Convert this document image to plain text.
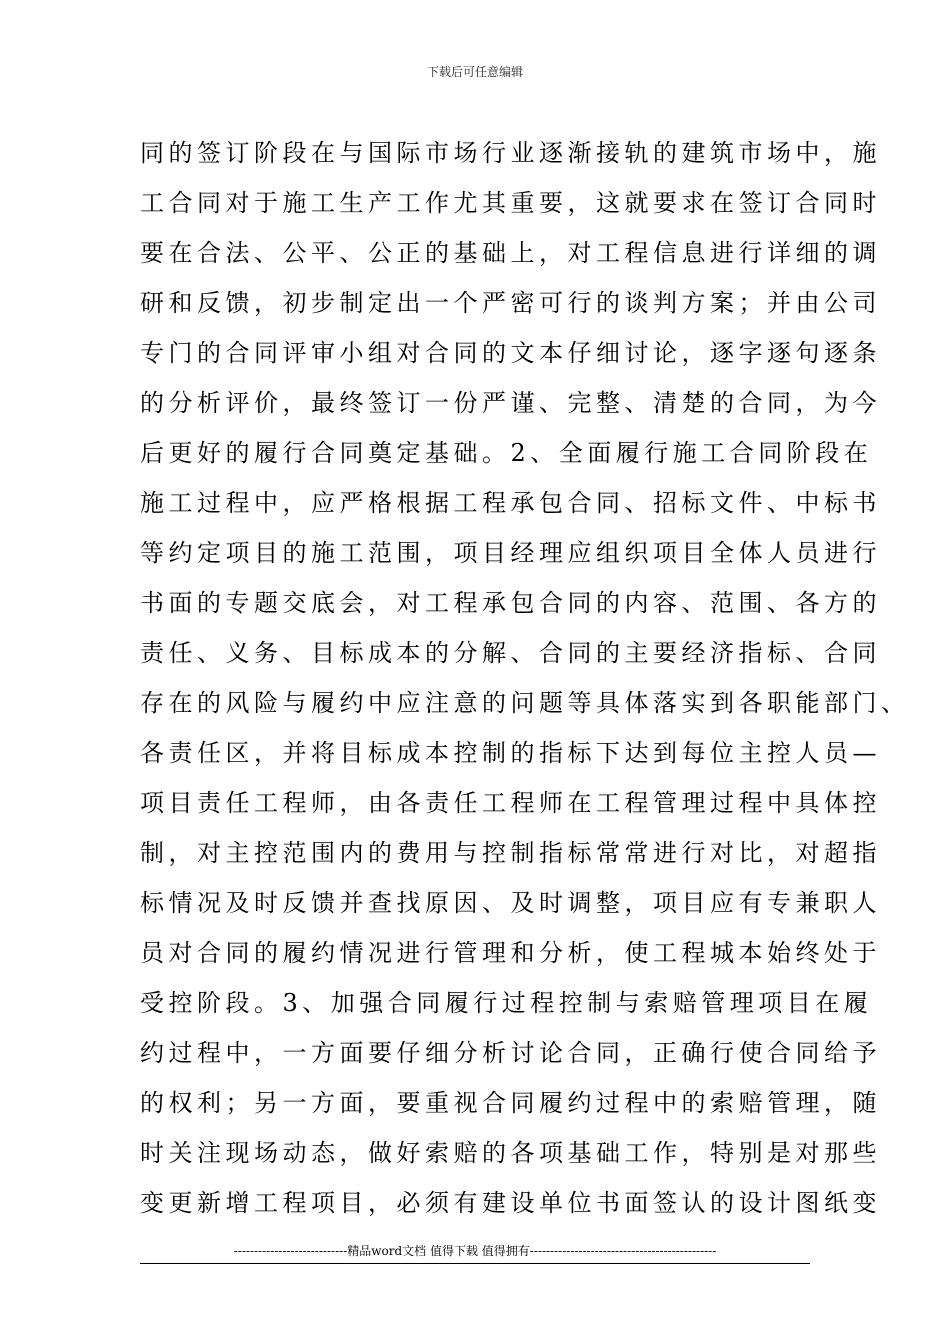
下载后可任意编辑
同的签订阶段在与国际市场行业逐渐接轨的建筑市场中，施
工合同对于施工生产工作尤其重要，这就要求在签订合同时
要在合法、公平、公正的基础上，对工程信息进行详细的调
研和反馈，初步制定出一个严密可行的谈判方案；并由公司
专门的合同评审小组对合同的文本仔细讨论，逐字逐句逐条
的分析评价，最终签订一份严谨、完整、清楚的合同，为今
后更好的履行合同奠定基础。2、全面履行施工合同阶段在
施工过程中，应严格根据工程承包合同、招标文件、中标书
等约定项目的施工范围，项目经理应组织项目全体人员进行
书面的专题交底会，对工程承包合同的内容、范围、各方的
责任、义务、目标成本的分解、合同的主要经济指标、合同
存在的风险与履约中应注意的问题等具体落实到各职能部门、
各责任区，并将目标成本控制的指标下达到每位主控人员—
项目责任工程师，由各责任工程师在工程管理过程中具体控
制，对主控范围内的费用与控制指标常常进行对比，对超指
标情况及时反馈并查找原因、及时调整，项目应有专兼职人
员对合同的履约情况进行管理和分析，使工程城本始终处于
受控阶段。3、加强合同履行过程控制与索赔管理项目在履
约过程中，一方面要仔细分析讨论合同，正确行使合同给予
的权利；另一方面，要重视合同履约过程中的索赔管理，随
时关注现场动态，做好索赔的各项基础工作，特别是对那些
变更新增工程项目，必须有建设单位书面签认的设计图纸变
----------------------------精品word文档 值得下载 值得拥有----------------------------------------------
